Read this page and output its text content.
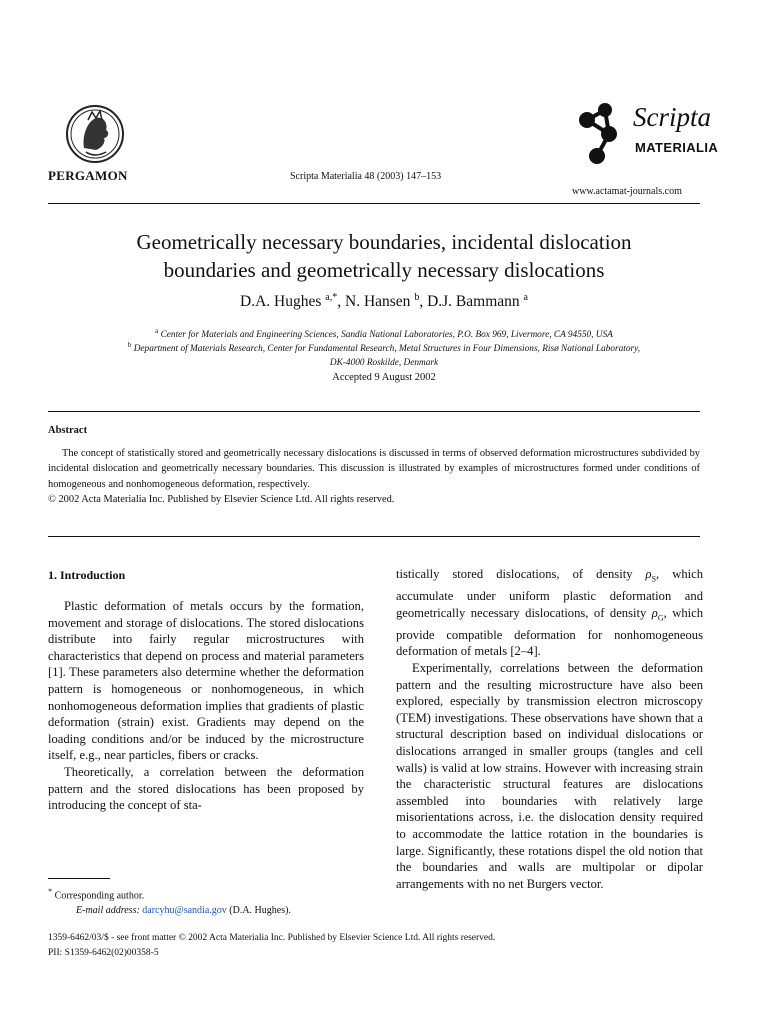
PERGAMON	Scripta Materialia 48 (2003) 147–153
Scripta
MATERIALIA
www.actamat-journals.com
Geometrically necessary boundaries, incidental dislocation
boundaries and geometrically necessary dislocations
D.A. Hughes $^{a,*}$, N. Hansen $^b$, D.J. Bammann $^a$
$^a$ Center for Materials and Engineering Sciences, Sandia National Laboratories, P.O. Box 969, Livermore, CA 94550, USA
$^b$ Department of Materials Research, Center for Fundamental Research, Metal Structures in Four Dimensions, Risø National Laboratory,
DK-4000 Roskilde, Denmark
Accepted 9 August 2002
Abstract
The concept of statistically stored and geometrically necessary dislocations is discussed in terms of observed deformation microstructures subdivided by incidental dislocation and geometrically necessary boundaries. This discussion is illustrated by examples of microstructures formed under conditions of homogeneous and nonhomogeneous deformation, respectively.
© 2002 Acta Materialia Inc. Published by Elsevier Science Ltd. All rights reserved.
1. Introduction

Plastic deformation of metals occurs by the formation, movement and storage of dislocations. The stored dislocations distribute into fairly regular microstructures with characteristics that depend on process and material parameters [1]. These parameters also determine whether the deformation pattern is homogeneous or nonhomogeneous, in which nonhomogeneous deformation implies that gradients of plastic deformation (strain) exist. Gradients may depend on the loading conditions and/or be induced by the microstructure itself, e.g., near particles, fibers or cracks.

Theoretically, a correlation between the deformation pattern and the stored dislocations has been proposed by introducing the concept of sta-

tistically stored dislocations, of density $\rho_S$, which accumulate under uniform plastic deformation and geometrically necessary dislocations, of density $\rho_G$, which provide compatible deformation for nonhomogeneous deformation of metals [2–4].

Experimentally, correlations between the deformation pattern and the resulting microstructure have also been explored, especially by transmission electron microscopy (TEM) investigations. These observations have shown that a structural description based on individual dislocations or dislocations arranged in smaller groups (tangles and cell walls) is valid at low strains. However with increasing strain the characteristic structural features are dislocations assembled into boundaries with relatively large misorientations across, i.e. the dislocation density required to accommodate the lattice rotation in the boundaries is large. Significantly, these rotations dispel the old notion that the boundaries and walls are multipolar or dipolar arrangements with no net Burgers vector.

* Corresponding author.
E-mail address: darcyhu@sandia.gov (D.A. Hughes).
1359-6462/03/$ - see front matter © 2002 Acta Materialia Inc. Published by Elsevier Science Ltd. All rights reserved.
PII: S1359-6462(02)00358-5
